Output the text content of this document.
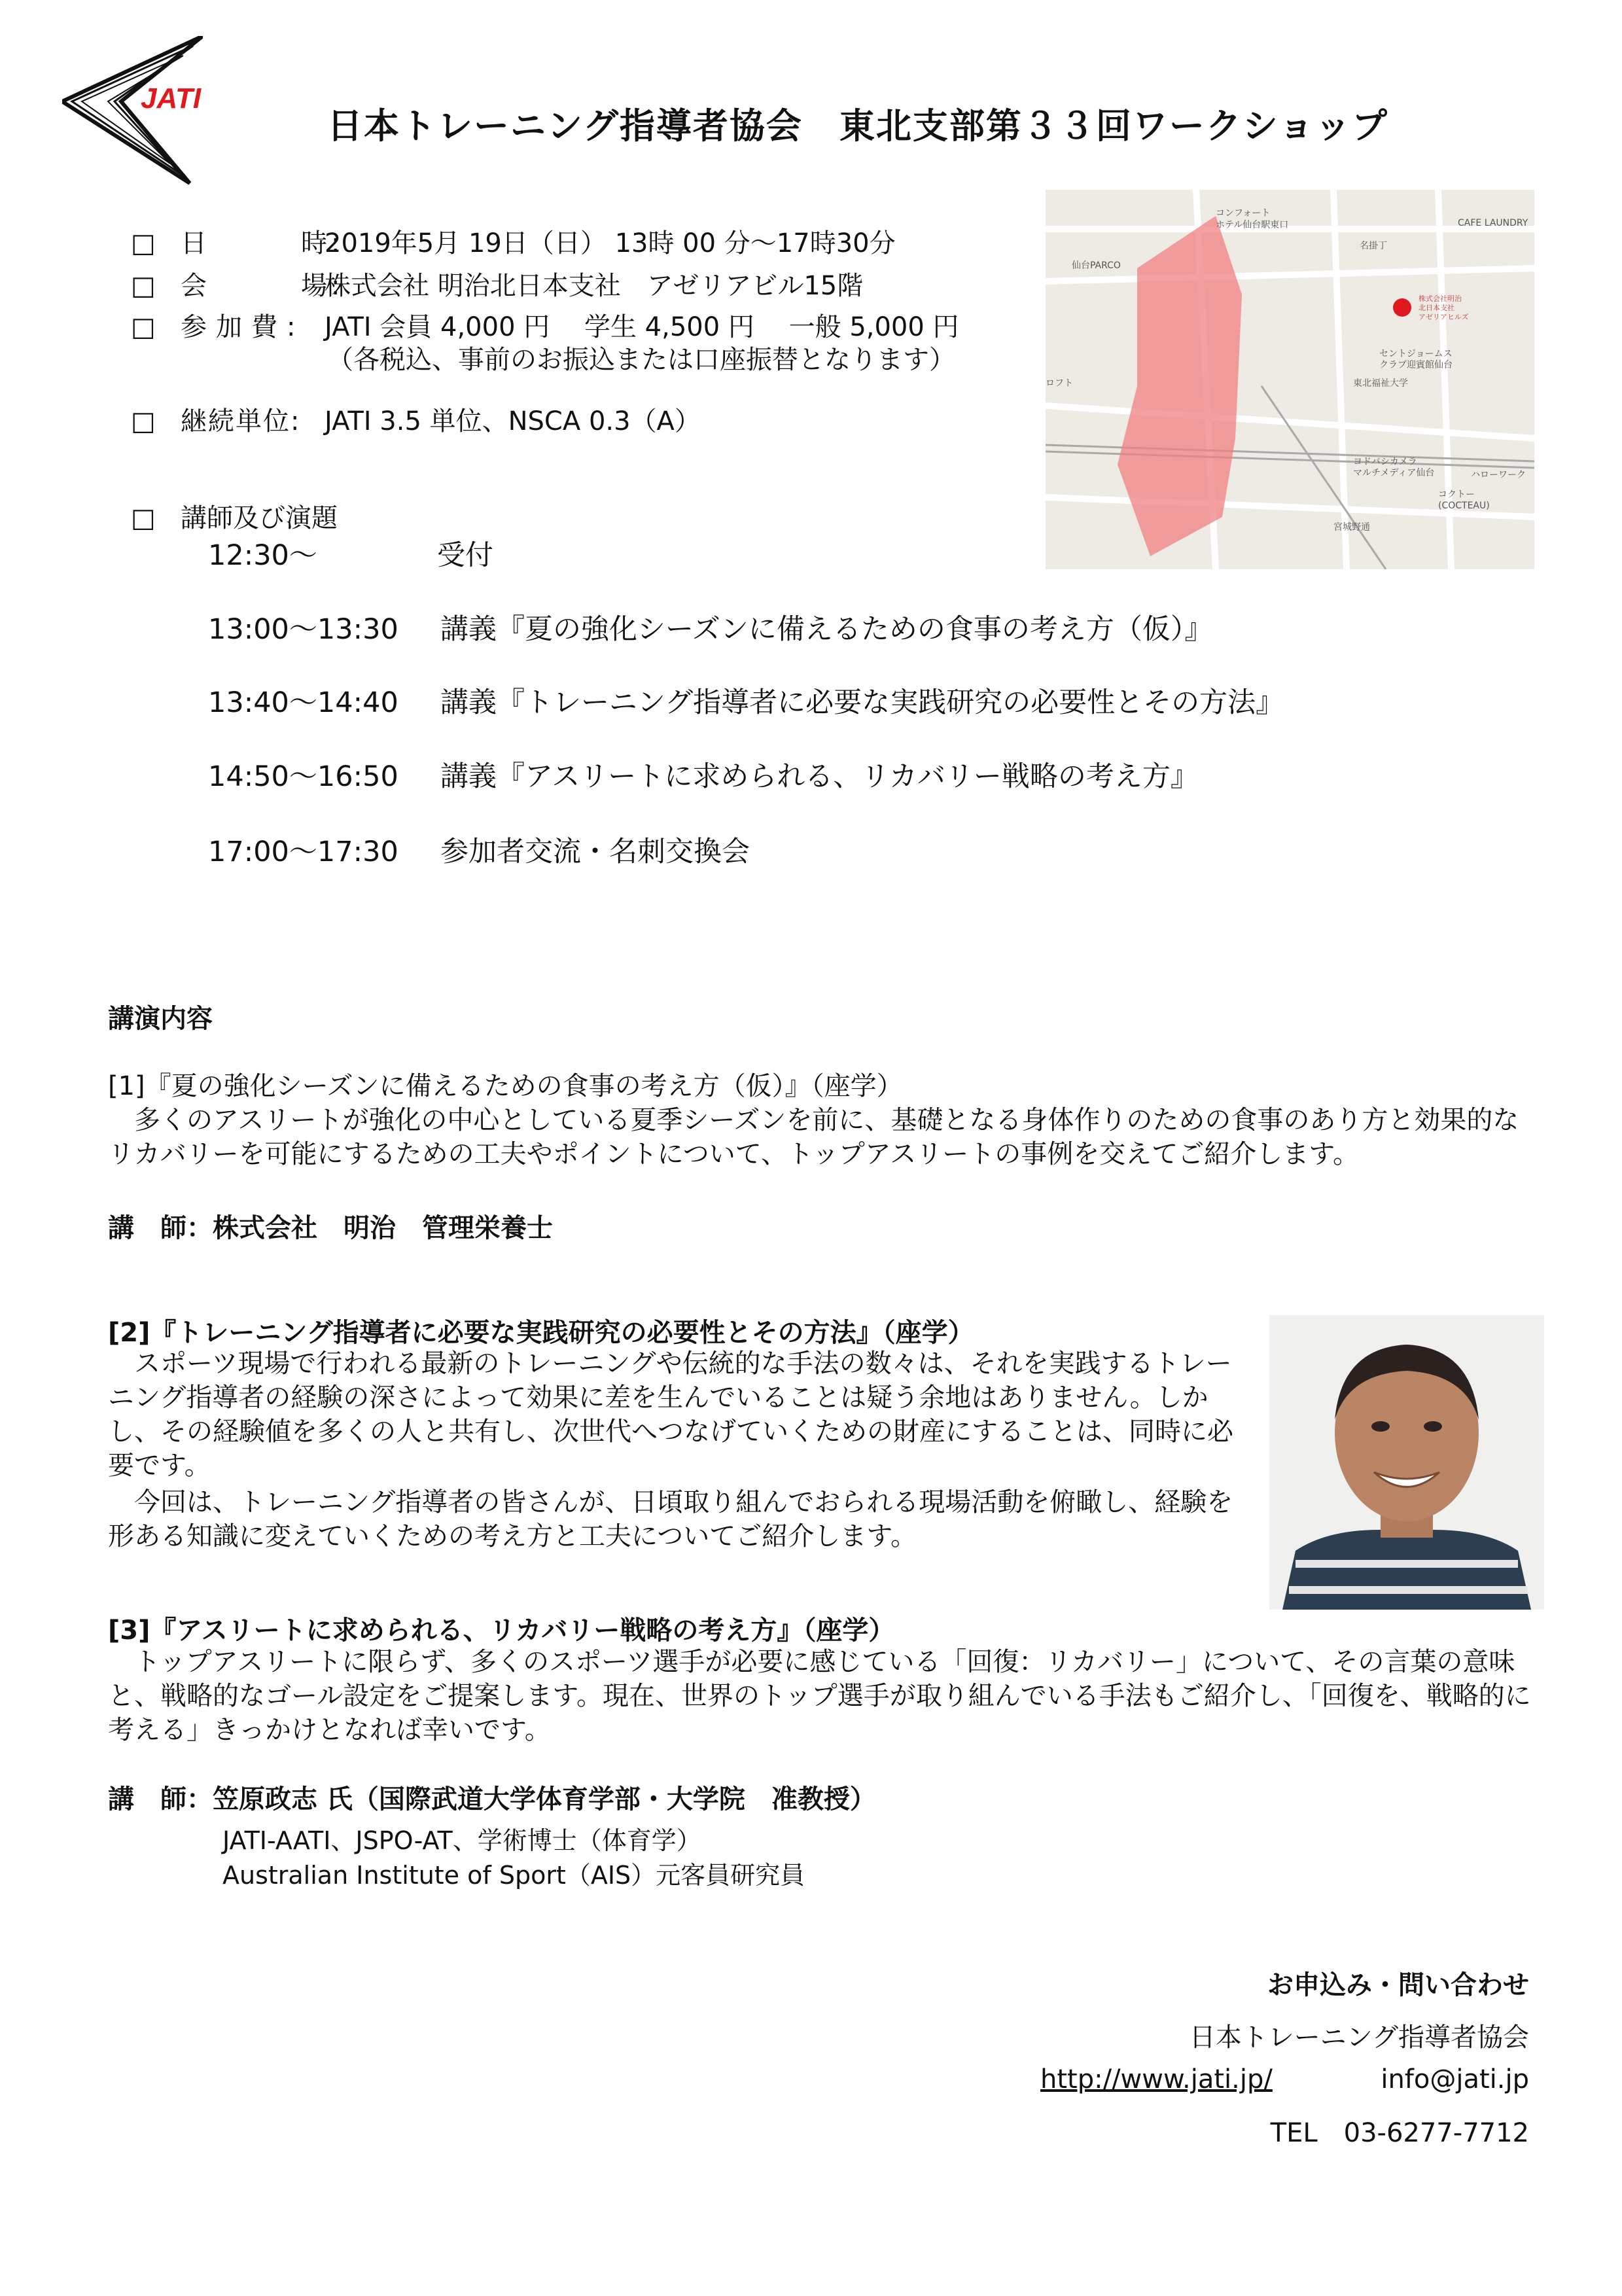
JATI
日本トレーニング指導者協会　東北支部第３３回ワークショップ
□ 日　　　時:2019年5月 19日（日） 13時 00 分～17時30分
□ 会　　　場:株式会社 明治北日本支社　アゼリアビル15階
□ 参加費: JATI 会員 4,000 円　 学生 4,500 円　 一般 5,000 円
（各税込、事前のお振込または口座振替となります）
□ 継続単位: JATI 3.5 単位、NSCA 0.3（A）
□ 講師及び演題
12:30～	受付
13:00～13:30 講義『夏の強化シーズンに備えるための食事の考え方（仮）』
13:40～14:40 講義『トレーニング指導者に必要な実践研究の必要性とその方法』
14:50～16:50 講義『アスリートに求められる、リカバリー戦略の考え方』
17:00～17:30 参加者交流・名刺交換会
仙台PARCO
コンフォート
ホテル仙台駅東口	CAFE LAUNDRY
名掛丁
株式会社明治
北日本支社
アゼリアヒルズ
セントジョームス
クラブ迎賓館仙台
東北福祉大学
ロフト
ヨドバシカメラ
マルチメディア仙台	ハローワーク
コクトー
(COCTEAU)
宮城野通
講演内容
[1]『夏の強化シーズンに備えるための食事の考え方（仮）』（座学）
　多くのアスリートが強化の中心としている夏季シーズンを前に、基礎となる身体作りのための食事のあり方と効果的なリカバリーを可能にするための工夫やポイントについて、トップアスリートの事例を交えてご紹介します。
講　師：株式会社　明治　管理栄養士
[2]『トレーニング指導者に必要な実践研究の必要性とその方法』（座学）
　スポーツ現場で行われる最新のトレーニングや伝統的な手法の数々は、それを実践するトレーニング指導者の経験の深さによって効果に差を生んでいることは疑う余地はありません。しかし、その経験値を多くの人と共有し、次世代へつなげていくための財産にすることは、同時に必要です。
　今回は、トレーニング指導者の皆さんが、日頃取り組んでおられる現場活動を俯瞰し、経験を形ある知識に変えていくための考え方と工夫についてご紹介します。
[3]『アスリートに求められる、リカバリー戦略の考え方』（座学）
　トップアスリートに限らず、多くのスポーツ選手が必要に感じている「回復：リカバリー」について、その言葉の意味と、戦略的なゴール設定をご提案します。現在、世界のトップ選手が取り組んでいる手法もご紹介し、「回復を、戦略的に考える」きっかけとなれば幸いです。
講　師：笠原政志 氏（国際武道大学体育学部・大学院　准教授）
JATI-AATI、JSPO-AT、学術博士（体育学）
Australian Institute of Sport（AIS）元客員研究員
お申込み・問い合わせ
日本トレーニング指導者協会
http://www.jati.jp/	info@jati.jp
TEL　03-6277-7712
